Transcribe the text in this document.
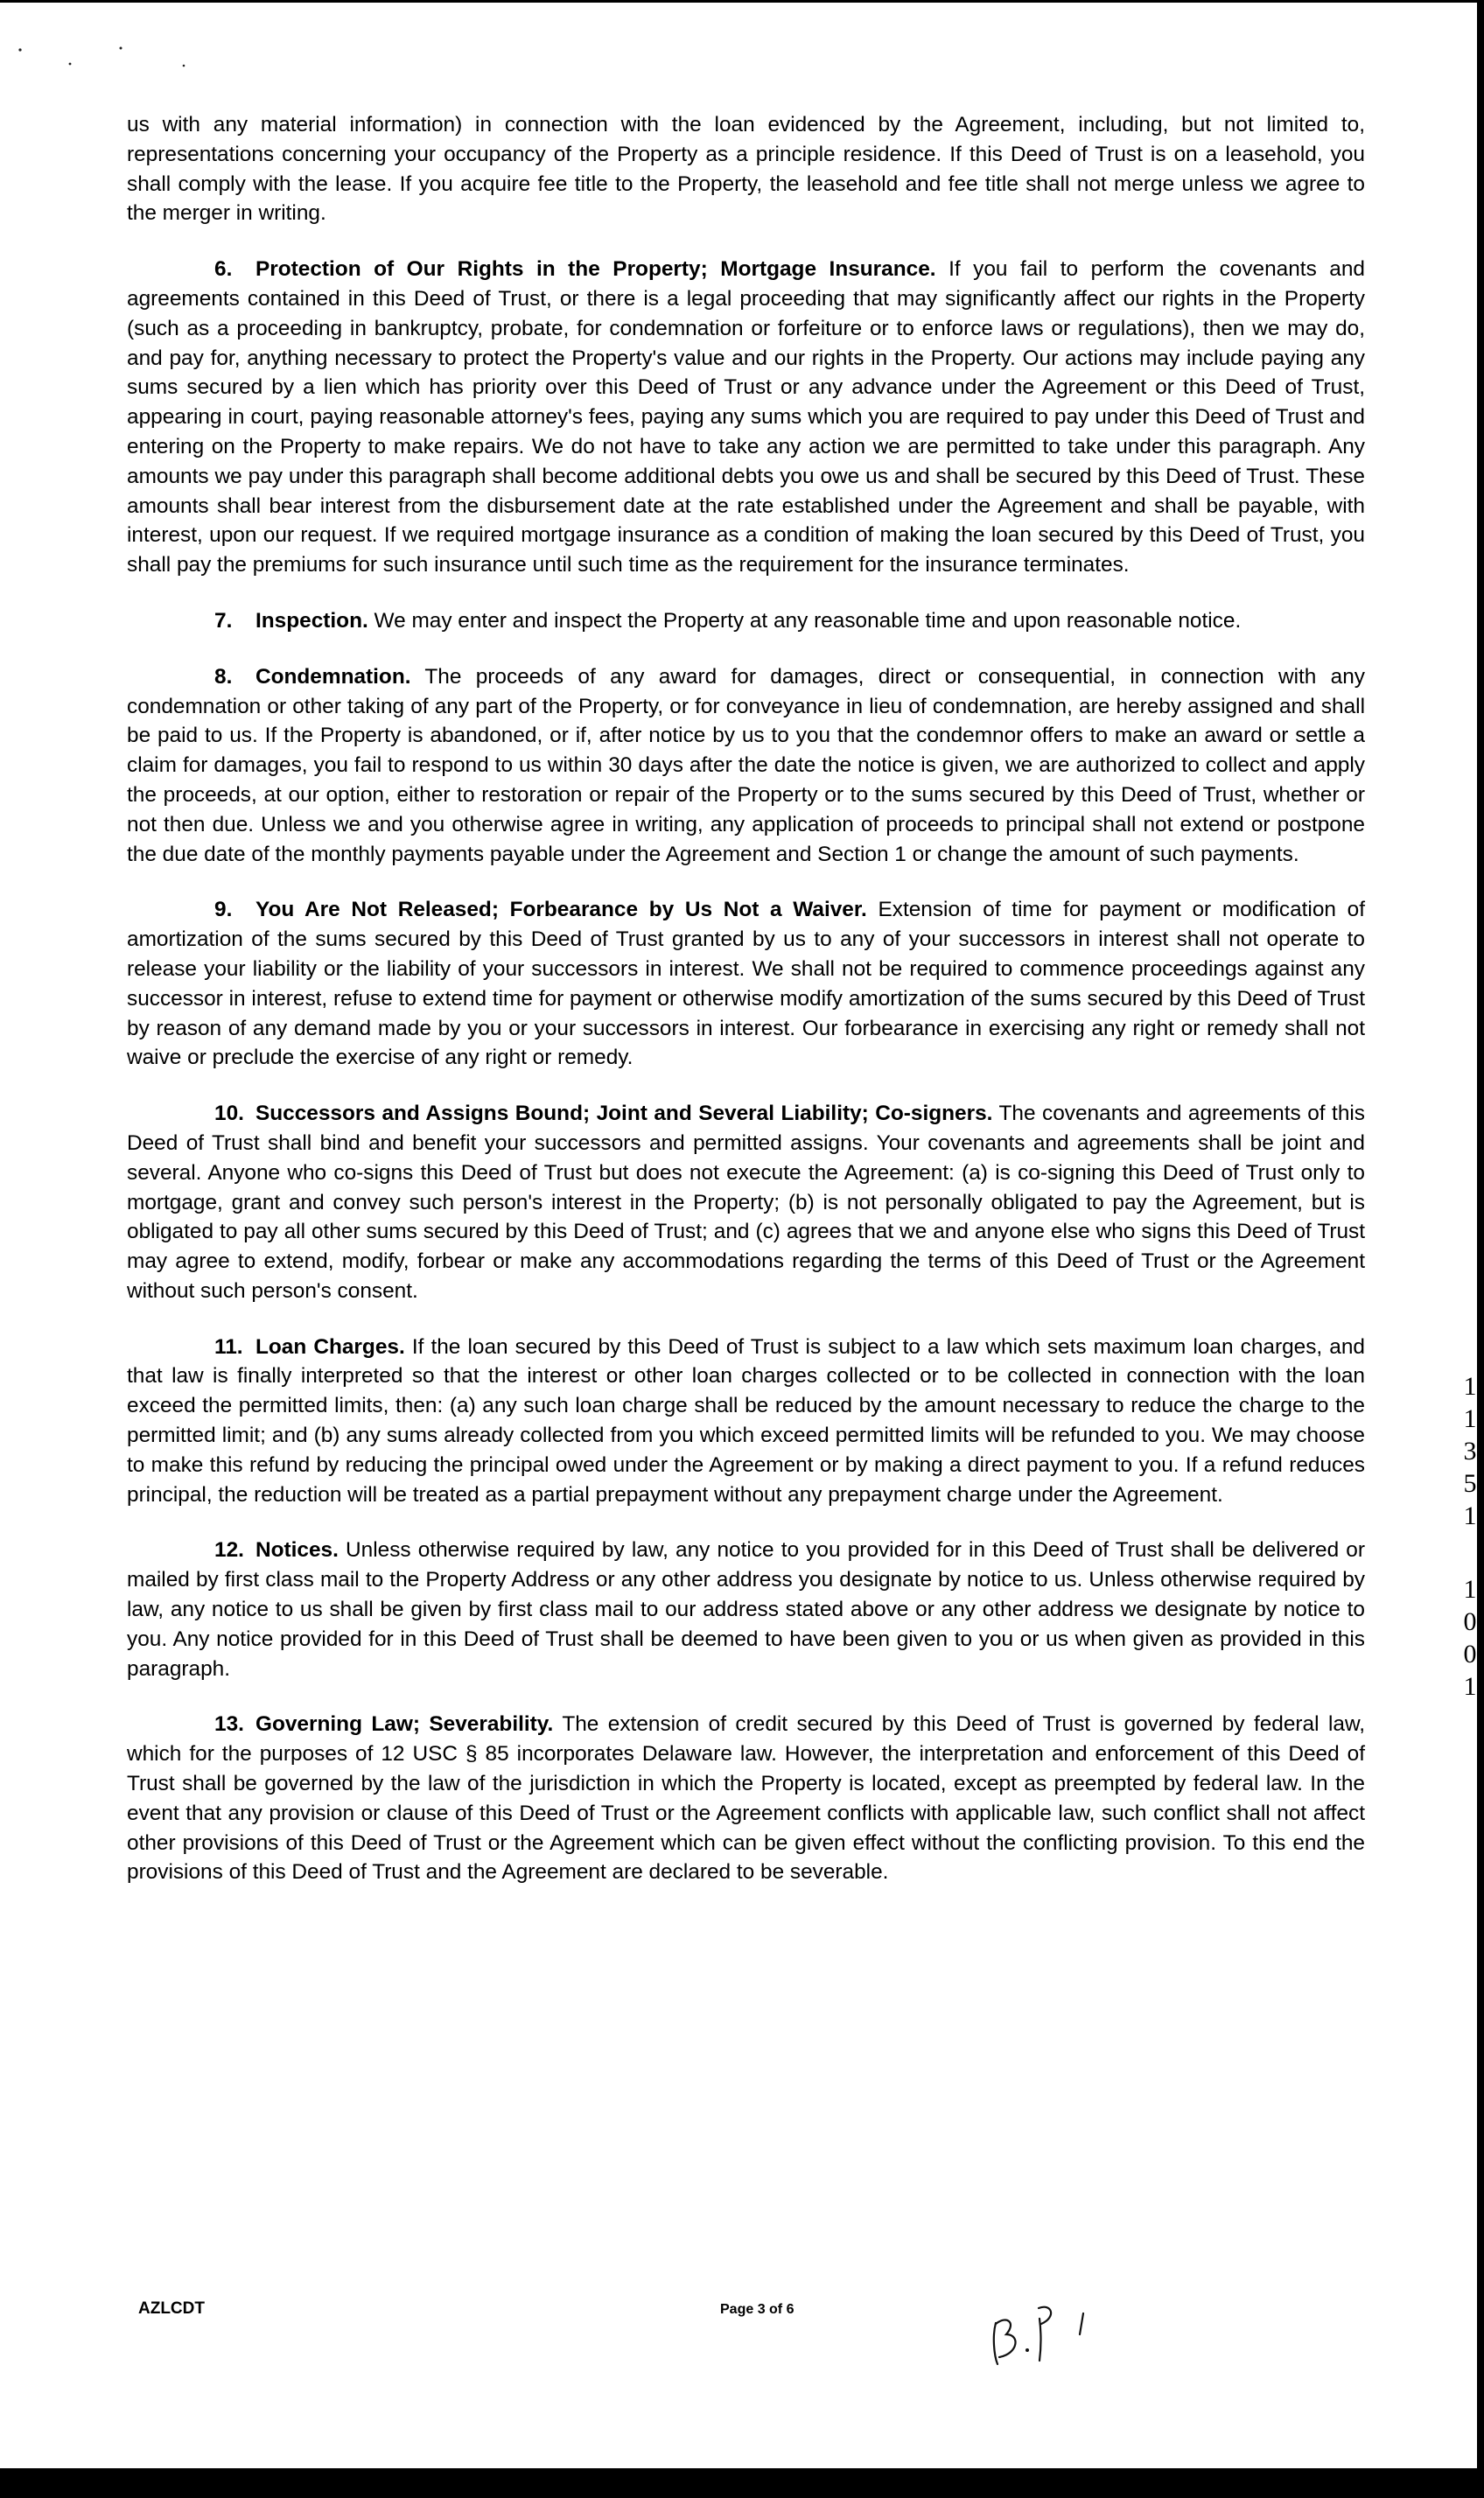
us with any material information) in connection with the loan evidenced by the Agreement, including, but not limited to, representations concerning your occupancy of the Property as a principle residence. If this Deed of Trust is on a leasehold, you shall comply with the lease. If you acquire fee title to the Property, the leasehold and fee title shall not merge unless we agree to the merger in writing.

6. Protection of Our Rights in the Property; Mortgage Insurance. If you fail to perform the covenants and agreements contained in this Deed of Trust, or there is a legal proceeding that may significantly affect our rights in the Property (such as a proceeding in bankruptcy, probate, for condemnation or forfeiture or to enforce laws or regulations), then we may do, and pay for, anything necessary to protect the Property's value and our rights in the Property. Our actions may include paying any sums secured by a lien which has priority over this Deed of Trust or any advance under the Agreement or this Deed of Trust, appearing in court, paying reasonable attorney's fees, paying any sums which you are required to pay under this Deed of Trust and entering on the Property to make repairs. We do not have to take any action we are permitted to take under this paragraph. Any amounts we pay under this paragraph shall become additional debts you owe us and shall be secured by this Deed of Trust. These amounts shall bear interest from the disbursement date at the rate established under the Agreement and shall be payable, with interest, upon our request. If we required mortgage insurance as a condition of making the loan secured by this Deed of Trust, you shall pay the premiums for such insurance until such time as the requirement for the insurance terminates.

7. Inspection. We may enter and inspect the Property at any reasonable time and upon reasonable notice.

8. Condemnation. The proceeds of any award for damages, direct or consequential, in connection with any condemnation or other taking of any part of the Property, or for conveyance in lieu of condemnation, are hereby assigned and shall be paid to us. If the Property is abandoned, or if, after notice by us to you that the condemnor offers to make an award or settle a claim for damages, you fail to respond to us within 30 days after the date the notice is given, we are authorized to collect and apply the proceeds, at our option, either to restoration or repair of the Property or to the sums secured by this Deed of Trust, whether or not then due. Unless we and you otherwise agree in writing, any application of proceeds to principal shall not extend or postpone the due date of the monthly payments payable under the Agreement and Section 1 or change the amount of such payments.

9. You Are Not Released; Forbearance by Us Not a Waiver. Extension of time for payment or modification of amortization of the sums secured by this Deed of Trust granted by us to any of your successors in interest shall not operate to release your liability or the liability of your successors in interest. We shall not be required to commence proceedings against any successor in interest, refuse to extend time for payment or otherwise modify amortization of the sums secured by this Deed of Trust by reason of any demand made by you or your successors in interest. Our forbearance in exercising any right or remedy shall not waive or preclude the exercise of any right or remedy.

10. Successors and Assigns Bound; Joint and Several Liability; Co-signers. The covenants and agreements of this Deed of Trust shall bind and benefit your successors and permitted assigns. Your covenants and agreements shall be joint and several. Anyone who co-signs this Deed of Trust but does not execute the Agreement: (a) is co-signing this Deed of Trust only to mortgage, grant and convey such person's interest in the Property; (b) is not personally obligated to pay the Agreement, but is obligated to pay all other sums secured by this Deed of Trust; and (c) agrees that we and anyone else who signs this Deed of Trust may agree to extend, modify, forbear or make any accommodations regarding the terms of this Deed of Trust or the Agreement without such person's consent.

11. Loan Charges. If the loan secured by this Deed of Trust is subject to a law which sets maximum loan charges, and that law is finally interpreted so that the interest or other loan charges collected or to be collected in connection with the loan exceed the permitted limits, then: (a) any such loan charge shall be reduced by the amount necessary to reduce the charge to the permitted limit; and (b) any sums already collected from you which exceed permitted limits will be refunded to you. We may choose to make this refund by reducing the principal owed under the Agreement or by making a direct payment to you. If a refund reduces principal, the reduction will be treated as a partial prepayment without any prepayment charge under the Agreement.

12. Notices. Unless otherwise required by law, any notice to you provided for in this Deed of Trust shall be delivered or mailed by first class mail to the Property Address or any other address you designate by notice to us. Unless otherwise required by law, any notice to us shall be given by first class mail to our address stated above or any other address we designate by notice to you. Any notice provided for in this Deed of Trust shall be deemed to have been given to you or us when given as provided in this paragraph.

13. Governing Law; Severability. The extension of credit secured by this Deed of Trust is governed by federal law, which for the purposes of 12 USC § 85 incorporates Delaware law. However, the interpretation and enforcement of this Deed of Trust shall be governed by the law of the jurisdiction in which the Property is located, except as preempted by federal law. In the event that any provision or clause of this Deed of Trust or the Agreement conflicts with applicable law, such conflict shall not affect other provisions of this Deed of Trust or the Agreement which can be given effect without the conflicting provision. To this end the provisions of this Deed of Trust and the Agreement are declared to be severable.

1
1
3
5
1
1
0
0
1
AZLCDT	Page 3 of 6
